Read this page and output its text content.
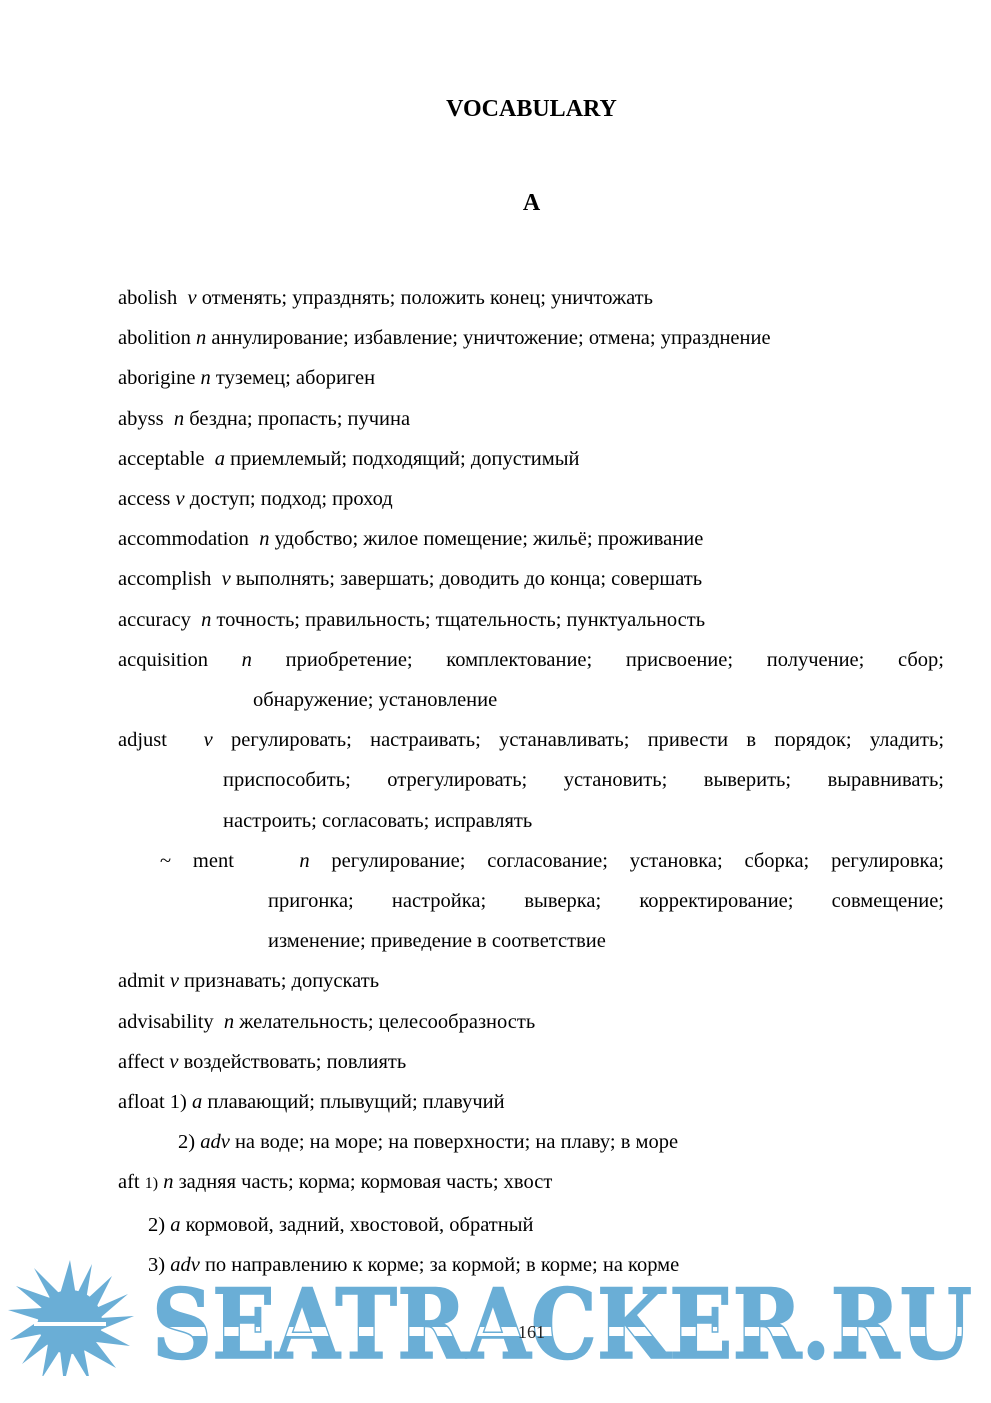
VOCABULARY
A
abolish v отменять; упразднять; положить конец; уничтожать
abolition n аннулирование; избавление; уничтожение; отмена; упразднение
aborigine n туземец; абориген
abyss n бездна; пропасть; пучина
acceptable a приемлемый; подходящий; допустимый
access v доступ; подход; проход
accommodation n удобство; жилое помещение; жильё; проживание
accomplish v выполнять; завершать; доводить до конца; совершать
accuracy n точность; правильность; тщательность; пунктуальность
acquisition n приобретение; комплектование; присвоение; получение; сбор;
обнаружение; установление
adjust v регулировать; настраивать; устанавливать; привести в порядок; уладить;
приспособить; отрегулировать; установить; выверить; выравнивать;
настроить; согласовать; исправлять
~ ment	n регулирование; согласование; установка; сборка; регулировка;
пригонка; настройка; выверка; корректирование; совмещение;
изменение; приведение в соответствие
admit v признавать; допускать
advisability n желательность; целесообразность
affect v воздействовать; повлиять
afloat 1) a плавающий; плывущий; плавучий
2) adv на воде; на море; на поверхности; на плаву; в море
aft 1) n задняя часть; корма; кормовая часть; хвост
2) a кормовой, задний, хвостовой, обратный
3) adv по направлению к корме; за кормой; в корме; на корме
SEATRACKER.RU
161
